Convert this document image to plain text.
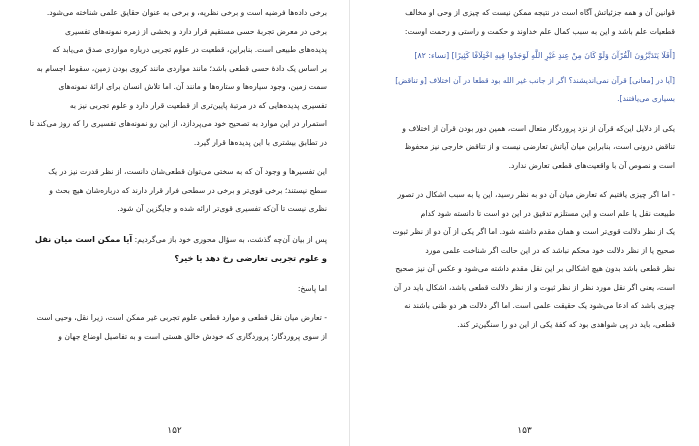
برخی داده‌ها فرضیه است و برخی نظریه، و برخی به عنوان حقایق علمی شناخته می‌شود.
برخی در معرض تجربهٔ حسی مستقیم قرار دارد و بخشی از زمره نمونه‌های تفسیری
پدیده‌های طبیعی است. بنابراین، قطعیت در علوم تجربی درباره مواردی صدق می‌یابد که
بر اساس یک دادهٔ حسی قطعی باشد؛ مانند مواردی مانند کروی بودن زمین، سقوط اجسام به
سمت زمین، وجود سیاره‌ها و ستاره‌ها و مانند آن. اما تلاش انسان برای ارائهٔ نمونه‌های
تفسیری پدیده‌هایی که در مرتبهٔ پایین‌تری از قطعیت قرار دارد و علوم تجربی نیز به
استمرار در این موارد به تصحیح خود می‌پردازد، از این رو نمونه‌های تفسیری را که روز می‌کند تا
در تطابق بیشتری با این پدیده‌ها قرار گیرد.

این تفسیرها و وجود آن که به سختی می‌توان قطعی‌شان دانست، از نظر قدرت نیز در یک
سطح نیستند؛ برخی قوی‌تر و برخی در سطحی فرار قرار دارند که دربار‌ه‌شان هیچ بحث و
نظری نیست تا آن‌که تفسیری قوی‌تر ارائه شده و جایگزین آن شود.

پس از بیان آن‌چه گذشت، به سؤال محوری خود باز می‌گردیم: آیا ممکن است میان نقل
و علوم تجربی تعارضی رخ دهد یا خیر؟

اما پاسخ:

- تعارض میان نقل قطعی و موارد قطعی علوم تجربی غیر ممکن است، زیرا نقل، وحیی است
از سوی پروردگار؛ پروردگاری که خودش خالق هستی است و به تفاصیل اوضاع جهان و

۱۵۲

قوانین آن و همه جزئیاتش آگاه است در نتیجه ممکن نیست که چیزی از وحی او مخالف
قطعیات علم باشد و این به سبب کمال علم خداوند و حکمت و راستی و رحمت اوست:

[أَفَلَا يَتَدَبَّرُونَ الْقُرْآنَ وَلَوْ كَانَ مِنْ عِندِ غَيْرِ اللَّهِ لَوَجَدُوا فِيهِ اخْتِلَافًا كَثِيرًا] [نساء: ۸۲]

[آیا در [معانی] قرآن نمی‌اندیشند؟ اگر از جانب غیر الله بود قطعا در آن اختلاف [و تناقض]
بسیاری می‌یافتند].

یکی از دلایل این‌که قرآن از نزد پروردگار متعال است، همین دور بودن قرآن از اختلاف و
تناقض درونی است، بنابراین میان آیاتش تعارضی نیست و از تناقض خارجی نیز محفوظ
است و نصوص آن با واقعیت‌های قطعی تعارض ندارد.

- اما اگر چیزی یافتیم که تعارض میان آن دو به نظر رسید، این یا به سبب اشکال در تصور
طبیعت نقل یا علم است و این مستلزم تدقیق در این دو است تا دانسته شود کدام
یک از نظر دلالت قوی‌تر است و همان مقدم داشته شود. اما اگر یکی از آن دو از نظر ثبوت
صحیح یا از نظر دلالت خود محکم نباشد که در این حالت اگر شناخت علمی مورد
نظر قطعی باشد بدون هیچ اشکالی بر این نقل مقدم داشته می‌شود و عکس آن نیز صحیح
است، یعنی اگر نقل مورد نظر از نظر ثبوت و از نظر دلالت قطعی باشد، اشکال باید در آن
چیزی باشد که ادعا می‌شود یک حقیقت علمی است. اما اگر دلالت هر دو ظنی باشند نه
قطعی، باید در پی شواهدی بود که کفهٔ یکی از این دو را سنگین‌تر کند.

۱۵۳
